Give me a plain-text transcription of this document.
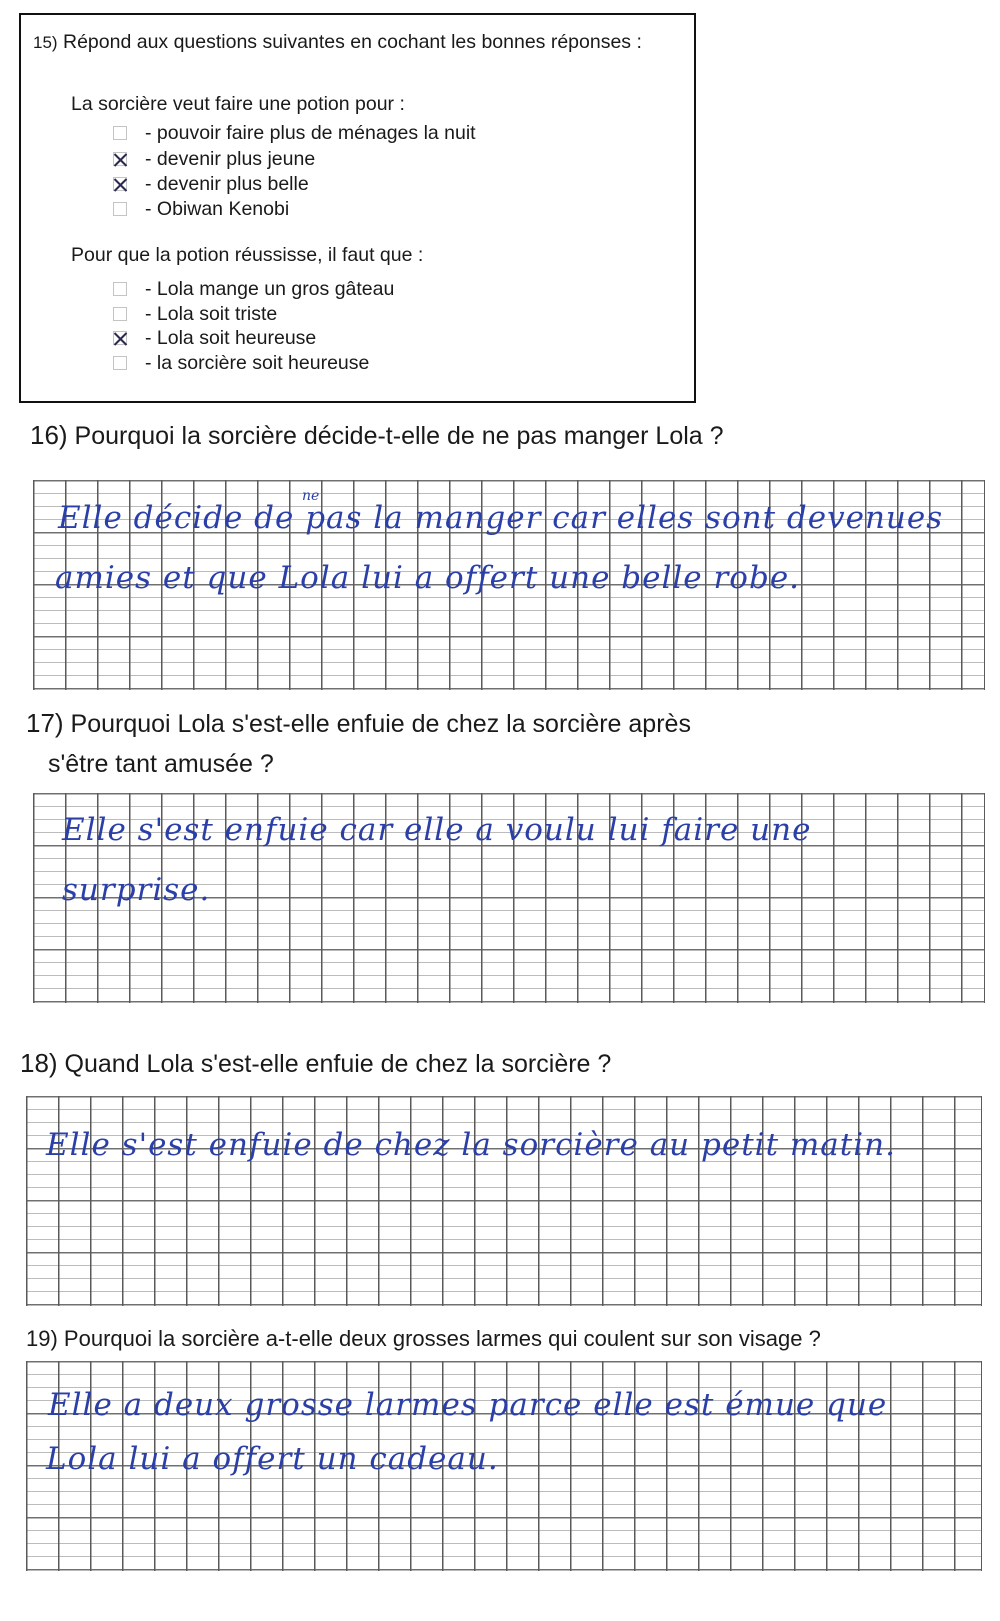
15) Répond aux questions suivantes en cochant les bonnes réponses :
La sorcière veut faire une potion pour :
- pouvoir faire plus de ménages la nuit
- devenir plus jeune
- devenir plus belle
- Obiwan Kenobi
Pour que la potion réussisse, il faut que :
- Lola mange un gros gâteau
- Lola soit triste
- Lola soit heureuse
- la sorcière soit heureuse
16) Pourquoi la sorcière décide-t-elle de ne pas manger Lola ?
ne
Elle décide de pas la manger car elles sont devenues
amies et que Lola lui a offert une belle robe.
17) Pourquoi Lola s'est-elle enfuie de chez la sorcière après
s'être tant amusée ?
Elle s'est enfuie car elle a voulu lui faire une
surprise.
18) Quand Lola s'est-elle enfuie de chez la sorcière ?
Elle s'est enfuie de chez la sorcière au petit matin.
19) Pourquoi la sorcière a-t-elle deux grosses larmes qui coulent sur son visage ?
Elle a deux grosse larmes parce elle est émue que
Lola lui a offert un cadeau.
